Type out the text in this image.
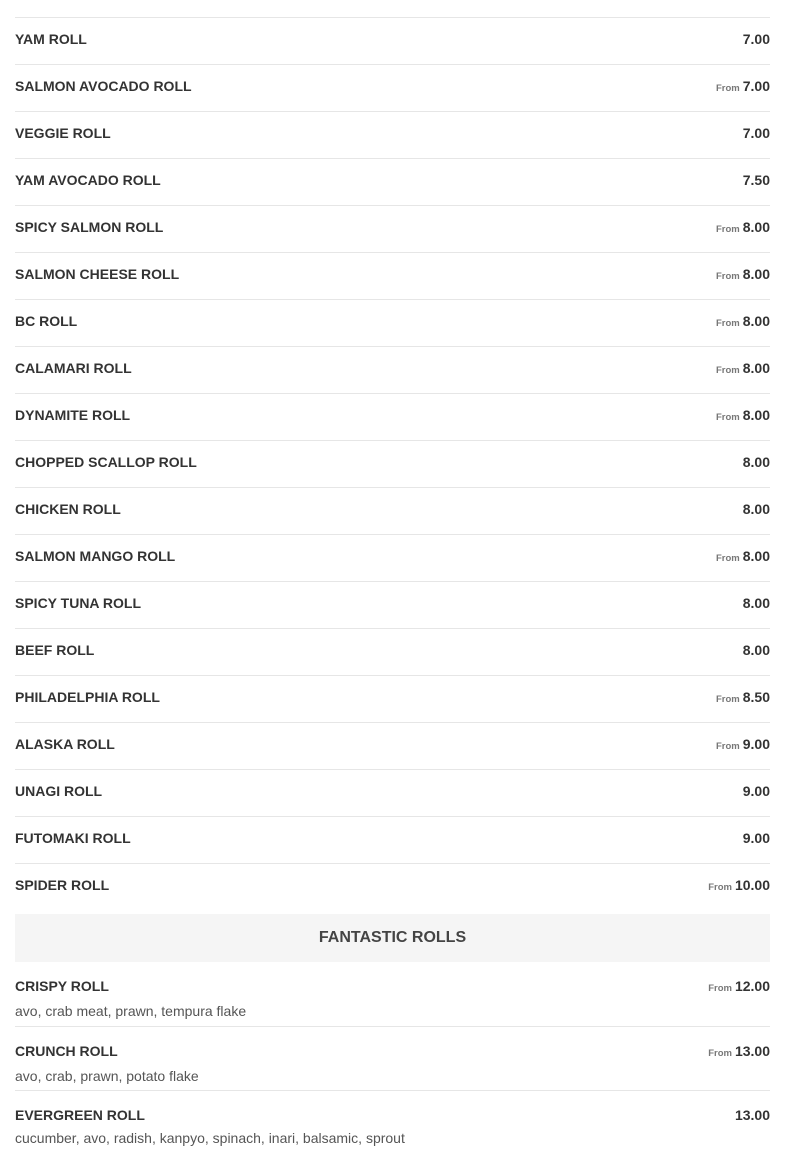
YAM ROLL	7.00
SALMON AVOCADO ROLL	From 7.00
VEGGIE ROLL	7.00
YAM AVOCADO ROLL	7.50
SPICY SALMON ROLL	From 8.00
SALMON CHEESE ROLL	From 8.00
BC ROLL	From 8.00
CALAMARI ROLL	From 8.00
DYNAMITE ROLL	From 8.00
CHOPPED SCALLOP ROLL	8.00
CHICKEN ROLL	8.00
SALMON MANGO ROLL	From 8.00
SPICY TUNA ROLL	8.00
BEEF ROLL	8.00
PHILADELPHIA ROLL	From 8.50
ALASKA ROLL	From 9.00
UNAGI ROLL	9.00
FUTOMAKI ROLL	9.00
SPIDER ROLL	From 10.00
FANTASTIC ROLLS
CRISPY ROLL	From 12.00
avo, crab meat, prawn, tempura flake
CRUNCH ROLL	From 13.00
avo, crab, prawn, potato flake
EVERGREEN ROLL	13.00
cucumber, avo, radish, kanpyo, spinach, inari, balsamic, sprout
